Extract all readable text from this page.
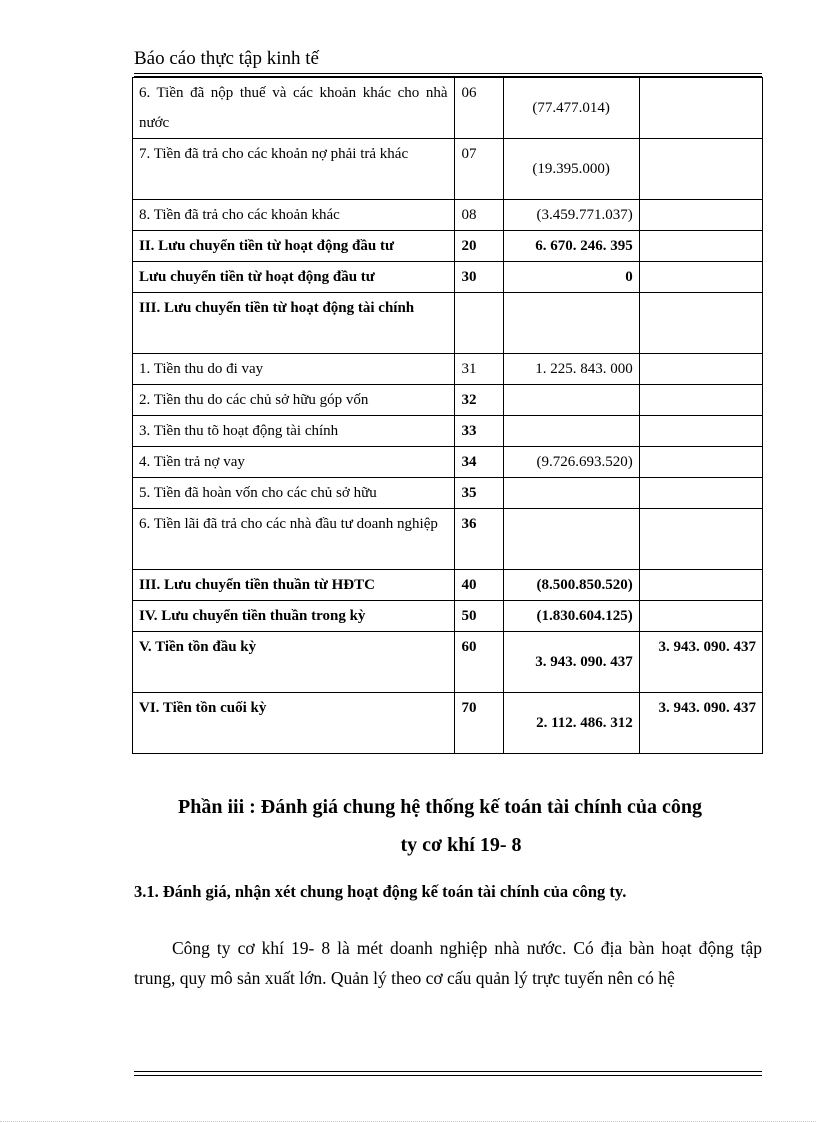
Báo cáo thực tập kinh tế
6. Tiền đã nộp thuế và các khoản khác cho nhà nước	06	(77.477.014)	
7. Tiền đã trả cho các khoản nợ phải trả khác	07	(19.395.000)	
8. Tiền đã trả cho các khoản khác	08	(3.459.771.037)	
II. Lưu chuyển tiền từ hoạt động đầu tư	20	6. 670. 246. 395	
Lưu chuyển tiền từ hoạt động đầu tư	30	0	
III. Lưu chuyển tiền từ hoạt động tài chính			
1. Tiền thu do đi vay	31	1. 225. 843. 000	
2. Tiền thu do các chủ sở hữu góp vốn	32		
3. Tiền thu tõ hoạt động tài chính	33		
4. Tiền trả nợ vay	34	(9.726.693.520)	
5. Tiền đã hoàn vốn cho các chủ sở hữu	35		
6. Tiền lãi đã trả cho các nhà đầu tư doanh nghiệp	36		
III. Lưu chuyển tiền thuần từ HĐTC	40	(8.500.850.520)	
IV. Lưu chuyển tiền thuần trong kỳ	50	(1.830.604.125)	
V. Tiền tồn đầu kỳ	60	3. 943. 090. 437	3. 943. 090. 437
VI. Tiền tồn cuối kỳ	70	2. 112. 486. 312	3. 943. 090. 437
Phần iii : Đánh giá chung hệ thống kế toán tài chính của công
ty cơ khí 19- 8
3.1. Đánh giá, nhận xét chung hoạt động kế toán tài chính của công ty.
Công ty cơ khí 19- 8 là mét doanh nghiệp nhà nước. Có địa bàn hoạt động tập trung, quy mô sản xuất lớn. Quản lý theo cơ cấu quản lý trực tuyến nên có hệ
